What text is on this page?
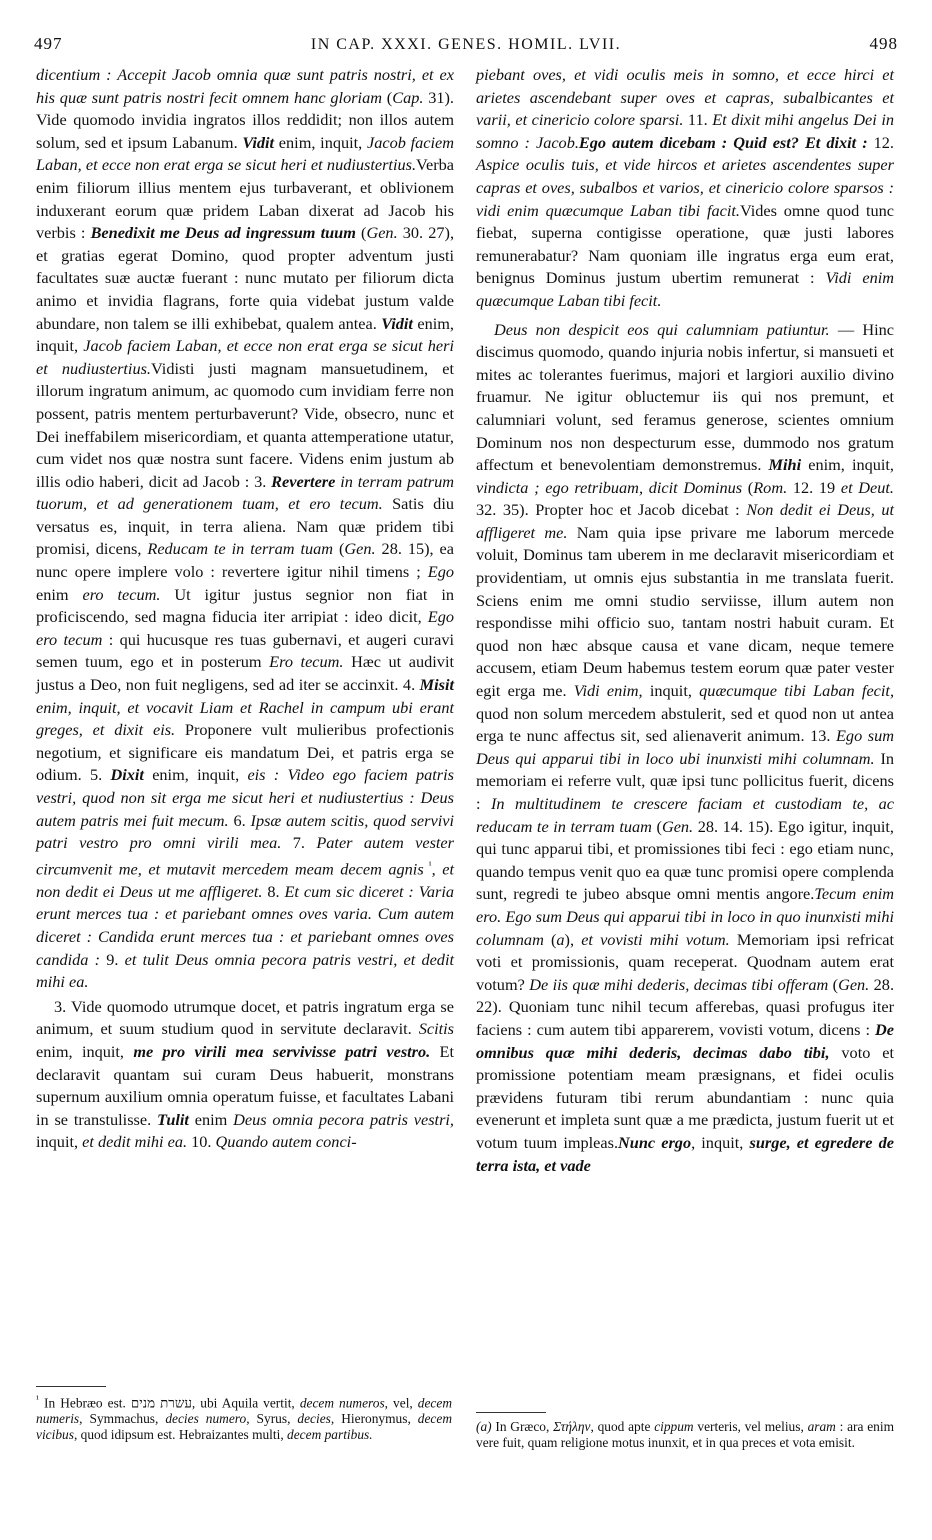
497	IN CAP. XXXI. GENES. HOMIL. LVII.	498

dicentium : Accepit Jacob omnia quæ sunt patris nostri, et ex his quæ sunt patris nostri fecit omnem hanc gloriam (Cap. 31). Vide quomodo invidia ingratos illos reddidit; non illos autem solum, sed et ipsum Labanum. Vidit enim, inquit, Jacob faciem Laban, et ecce non erat erga se sicut heri et nudiustertius.Verba enim filiorum illius mentem ejus turbaverant, et oblivionem induxerant eorum quæ pridem Laban dixerat ad Jacob his verbis : Benedixit me Deus ad ingressum tuum (Gen. 30. 27), et gratias egerat Domino, quod propter adventum justi facultates suæ auctæ fuerant : nunc mutato per filiorum dicta animo et invidia flagrans, forte quia videbat justum valde abundare, non talem se illi exhibebat, qualem antea. Vidit enim, inquit, Jacob faciem Laban, et ecce non erat erga se sicut heri et nudiustertius.Vidisti justi magnam mansuetudinem, et illorum ingratum animum, ac quomodo cum invidiam ferre non possent, patris mentem perturbaverunt? Vide, obsecro, nunc et Dei ineffabilem misericordiam, et quanta attemperatione utatur, cum videt nos quæ nostra sunt facere. Videns enim justum ab illis odio haberi, dicit ad Jacob : 3. Revertere in terram patrum tuorum, et ad generationem tuam, et ero tecum. Satis diu versatus es, inquit, in terra aliena. Nam quæ pridem tibi promisi, dicens, Reducam te in terram tuam (Gen. 28. 15), ea nunc opere implere volo : revertere igitur nihil timens ; Ego enim ero tecum. Ut igitur justus segnior non fiat in proficiscendo, sed magna fiducia iter arripiat : ideo dicit, Ego ero tecum : qui hucusque res tuas gubernavi, et augeri curavi semen tuum, ego et in posterum Ero tecum. Hæc ut audivit justus a Deo, non fuit negligens, sed ad iter se accinxit. 4. Misit enim, inquit, et vocavit Liam et Rachel in campum ubi erant greges, et dixit eis. Proponere vult mulieribus profectionis negotium, et significare eis mandatum Dei, et patris erga se odium. 5. Dixit enim, inquit, eis : Video ego faciem patris vestri, quod non sit erga me sicut heri et nudiustertius : Deus autem patris mei fuit mecum. 6. Ipsæ autem scitis, quod servivi patri vestro pro omni virili mea. 7. Pater autem vester circumvenit me, et mutavit mercedem meam decem agnis $^{^1}$, et non dedit ei Deus ut me affligeret. 8. Et cum sic diceret : Varia erunt merces tua : et pariebant omnes oves varia. Cum autem diceret : Candida erunt merces tua : et pariebant omnes oves candida : 9. et tulit Deus omnia pecora patris vestri, et dedit mihi ea.

3. Vide quomodo utrumque docet, et patris ingratum erga se animum, et suum studium quod in servitute declaravit. Scitis enim, inquit, me pro virili mea servivisse patri vestro. Et declaravit quantam sui curam Deus habuerit, monstrans supernum auxilium omnia operatum fuisse, et facultates Labani in se transtulisse. Tulit enim Deus omnia pecora patris vestri, inquit, et dedit mihi ea. 10. Quando autem conci-

piebant oves, et vidi oculis meis in somno, et ecce hirci et arietes ascendebant super oves et capras, subalbicantes et varii, et cinericio colore sparsi. 11. Et dixit mihi angelus Dei in somno : Jacob.Ego autem dicebam : Quid est? Et dixit : 12. Aspice oculis tuis, et vide hircos et arietes ascendentes super capras et oves, subalbos et varios, et cinericio colore sparsos : vidi enim quæcumque Laban tibi facit.Vides omne quod tunc fiebat, superna contigisse operatione, quæ justi labores remunerabatur? Nam quoniam ille ingratus erga eum erat, benignus Dominus justum ubertim remunerat : Vidi enim quæcumque Laban tibi fecit.

Deus non despicit eos qui calumniam patiuntur. — Hinc discimus quomodo, quando injuria nobis infertur, si mansueti et mites ac tolerantes fuerimus, majori et largiori auxilio divino fruamur. Ne igitur obluctemur iis qui nos premunt, et calumniari volunt, sed feramus generose, scientes omnium Dominum nos non despecturum esse, dummodo nos gratum affectum et benevolentiam demonstremus. Mihi enim, inquit, vindicta ; ego retribuam, dicit Dominus (Rom. 12. 19 et Deut. 32. 35). Propter hoc et Jacob dicebat : Non dedit ei Deus, ut affligeret me. Nam quia ipse privare me laborum mercede voluit, Dominus tam uberem in me declaravit misericordiam et providentiam, ut omnis ejus substantia in me translata fuerit. Sciens enim me omni studio serviisse, illum autem non respondisse mihi officio suo, tantam nostri habuit curam. Et quod non hæc absque causa et vane dicam, neque temere accusem, etiam Deum habemus testem eorum quæ pater vester egit erga me. Vidi enim, inquit, quæcumque tibi Laban fecit, quod non solum mercedem abstulerit, sed et quod non ut antea erga te nunc affectus sit, sed alienaverit animum. 13. Ego sum Deus qui apparui tibi in loco ubi inunxisti mihi columnam. In memoriam ei referre vult, quæ ipsi tunc pollicitus fuerit, dicens : In multitudinem te crescere faciam et custodiam te, ac reducam te in terram tuam (Gen. 28. 14. 15). Ego igitur, inquit, qui tunc apparui tibi, et promissiones tibi feci : ego etiam nunc, quando tempus venit quo ea quæ tunc promisi opere complenda sunt, regredi te jubeo absque omni mentis angore.Tecum enim ero. Ego sum Deus qui apparui tibi in loco in quo inunxisti mihi columnam (a), et vovisti mihi votum. Memoriam ipsi refricat voti et promissionis, quam receperat. Quodnam autem erat votum? De iis quæ mihi dederis, decimas tibi offeram (Gen. 28. 22). Quoniam tunc nihil tecum afferebas, quasi profugus iter faciens : cum autem tibi apparerem, vovisti votum, dicens : De omnibus quæ mihi dederis, decimas dabo tibi, voto et promissione potentiam meam præsignans, et fidei oculis prævidens futuram tibi rerum abundantiam : nunc quia evenerunt et impleta sunt quæ a me prædicta, justum fuerit ut et votum tuum impleas.Nunc ergo, inquit, surge, et egredere de terra ista, et vade

$^{^1}$ In Hebræo est. עשרת מנים, ubi Aquila vertit, decem numeros, vel, decem numeris, Symmachus, decies numero, Syrus, decies, Hieronymus, decem vicibus, quod idipsum est. Hebraizantes multi, decem partibus.
(a) In Græco, Στήλην, quod apte cippum verteris, vel melius, aram : ara enim vere fuit, quam religione motus inunxit, et in qua preces et vota emisit.
